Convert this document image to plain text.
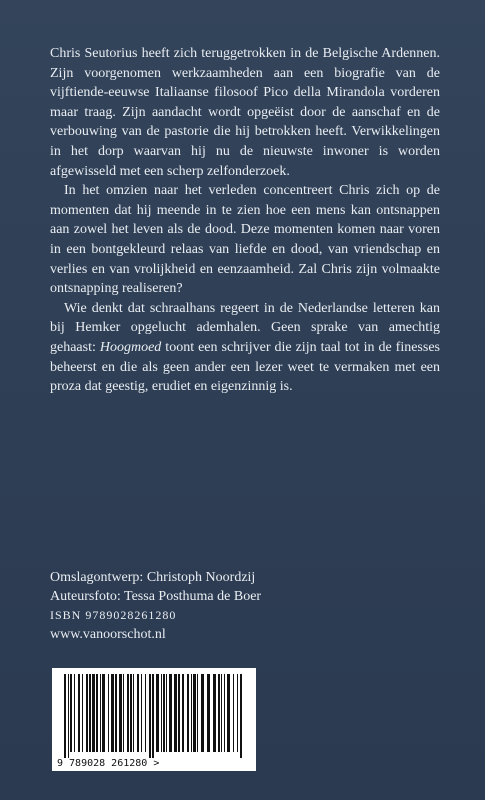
Chris Seutorius heeft zich teruggetrokken in de Belgische Ardennen. Zijn voorgenomen werkzaamheden aan een biografie van de vijftiende-eeuwse Italiaanse filosoof Pico della Mirandola vorderen maar traag. Zijn aandacht wordt opgeëist door de aanschaf en de verbouwing van de pastorie die hij betrokken heeft. Verwikkelingen in het dorp waarvan hij nu de nieuwste inwoner is worden afgewisseld met een scherp zelfonderzoek.

In het omzien naar het verleden concentreert Chris zich op de momenten dat hij meende in te zien hoe een mens kan ontsnappen aan zowel het leven als de dood. Deze momenten komen naar voren in een bontgekleurd relaas van liefde en dood, van vriendschap en verlies en van vrolijkheid en eenzaamheid. Zal Chris zijn volmaakte ontsnapping realiseren?

Wie denkt dat schraalhans regeert in de Nederlandse letteren kan bij Hemker opgelucht ademhalen. Geen sprake van amechtig gehaast: Hoogmoed toont een schrijver die zijn taal tot in de finesses beheerst en die als geen ander een lezer weet te vermaken met een proza dat geestig, erudiet en eigenzinnig is.

Omslagontwerp: Christoph Noordzij
Auteursfoto: Tessa Posthuma de Boer
ISBN 9789028261280
www.vanoorschot.nl
9 789028 261280 >
